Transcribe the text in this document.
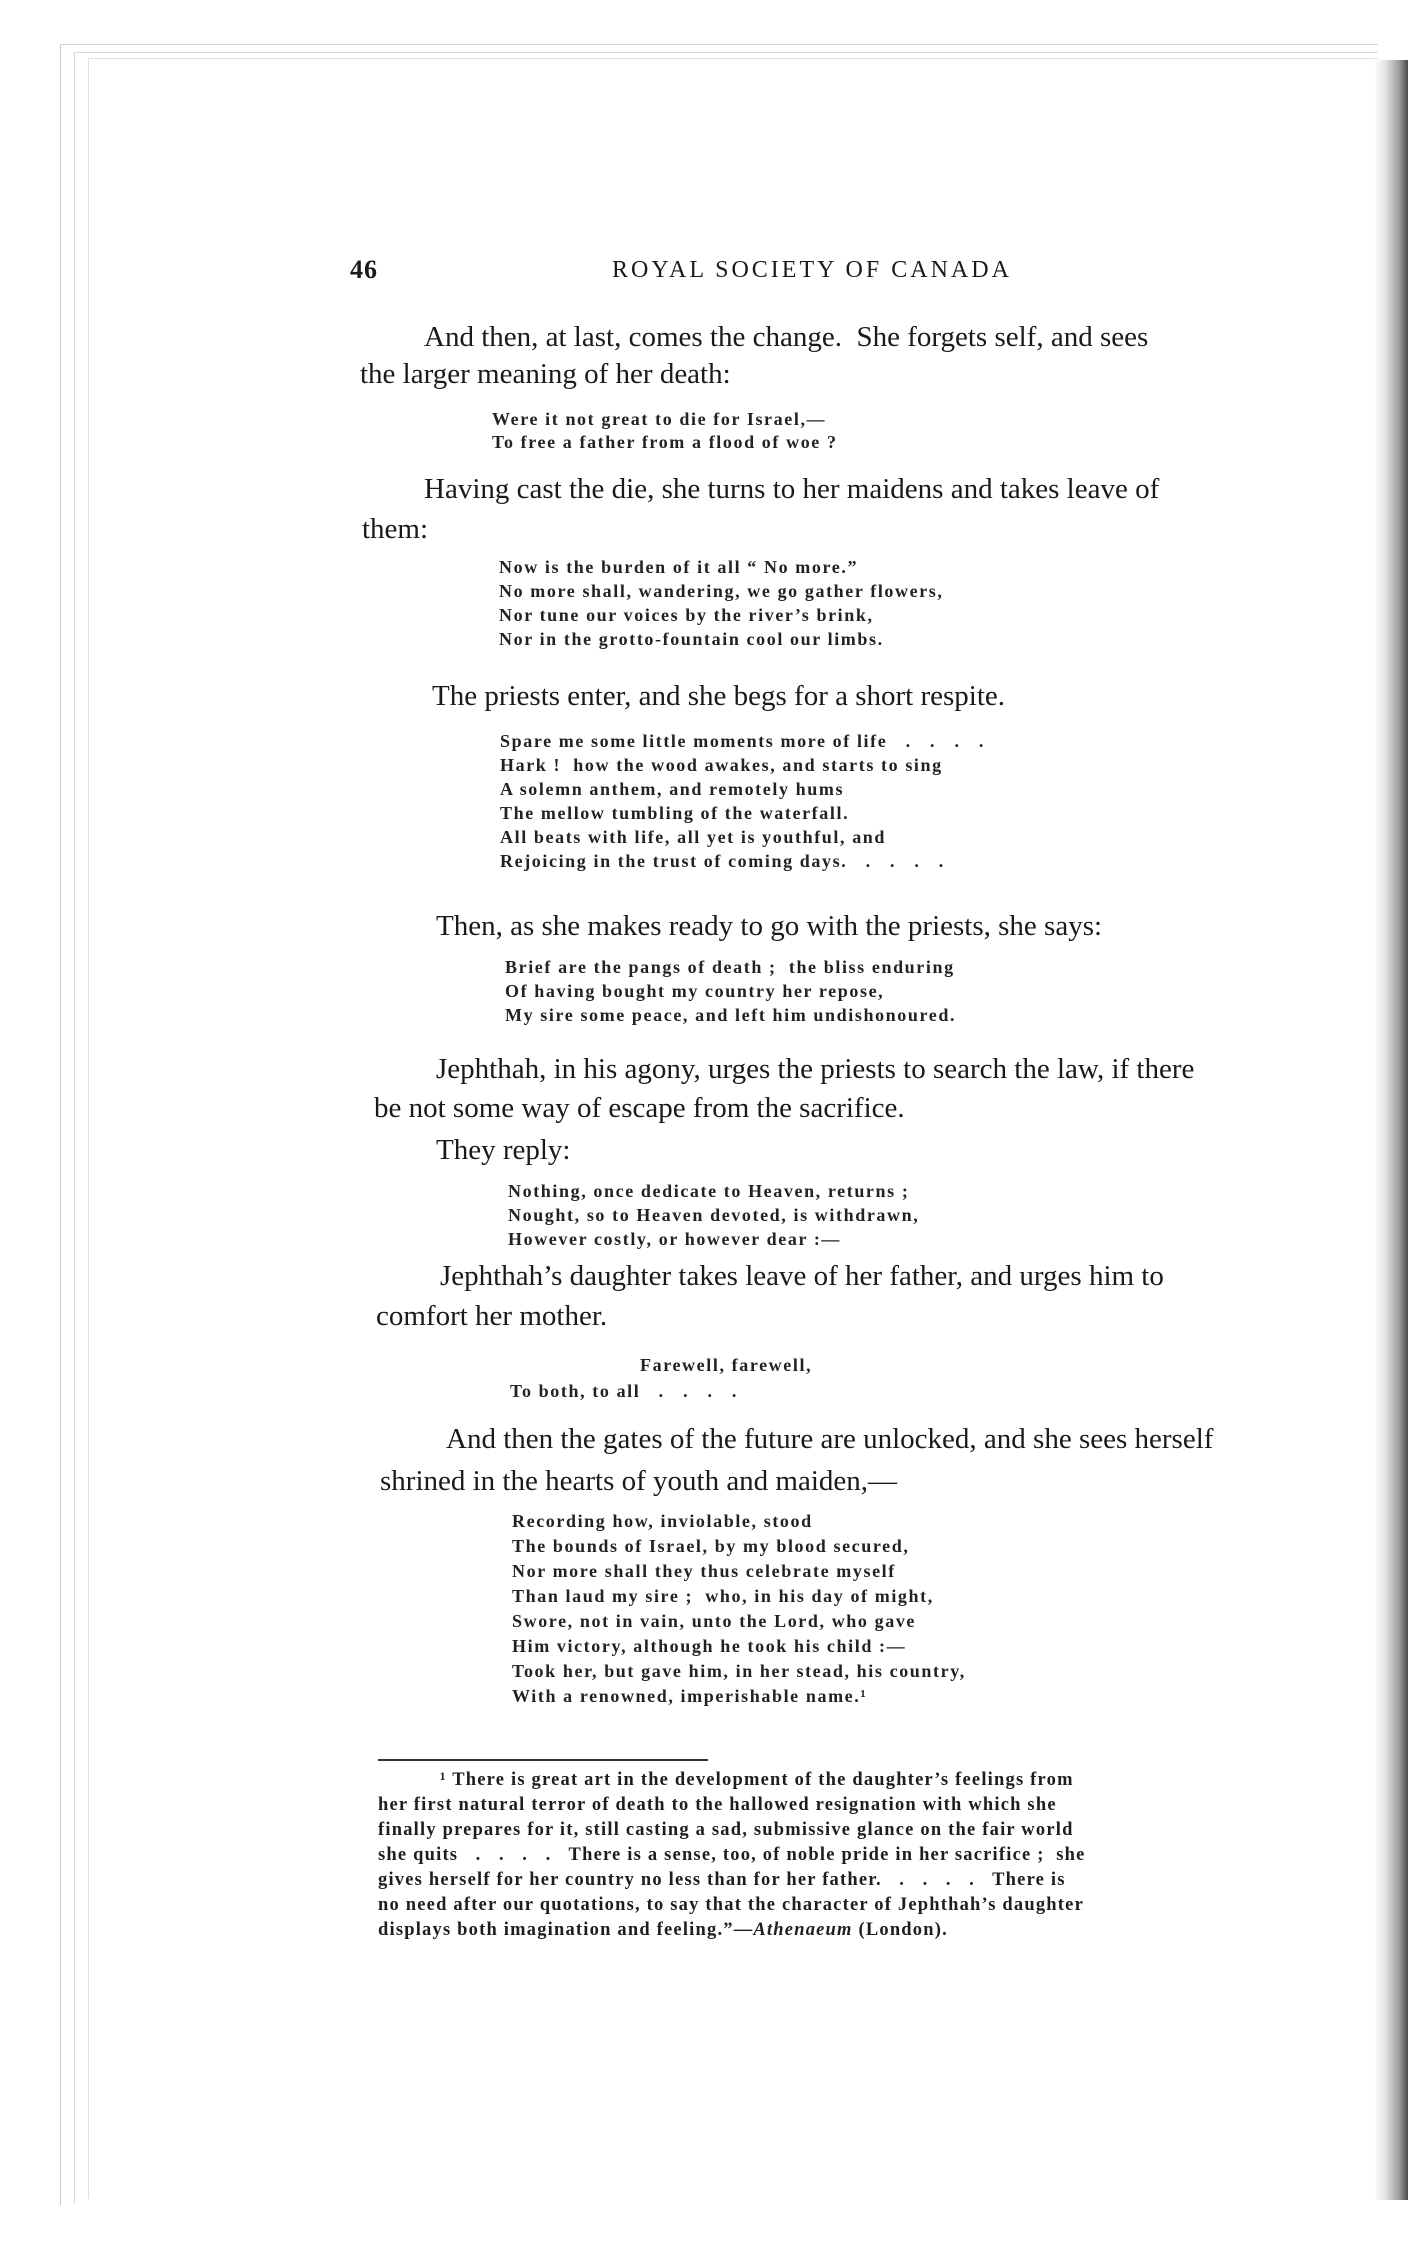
46	ROYAL SOCIETY OF CANADA
And then, at last, comes the change.  She forgets self, and sees
the larger meaning of her death:
Were it not great to die for Israel,—
To free a father from a flood of woe ?
Having cast the die, she turns to her maidens and takes leave of
them:
Now is the burden of it all “ No more.”
No more shall, wandering, we go gather flowers,
Nor tune our voices by the river’s brink,
Nor in the grotto-fountain cool our limbs.
The priests enter, and she begs for a short respite.
Spare me some little moments more of life   .   .   .   .
Hark !  how the wood awakes, and starts to sing
A solemn anthem, and remotely hums
The mellow tumbling of the waterfall.
All beats with life, all yet is youthful, and
Rejoicing in the trust of coming days.   .   .   .   .
Then, as she makes ready to go with the priests, she says:
Brief are the pangs of death ;  the bliss enduring
Of having bought my country her repose,
My sire some peace, and left him undishonoured.
Jephthah, in his agony, urges the priests to search the law, if there
be not some way of escape from the sacrifice.
They reply:
Nothing, once dedicate to Heaven, returns ;
Nought, so to Heaven devoted, is withdrawn,
However costly, or however dear :—
Jephthah’s daughter takes leave of her father, and urges him to
comfort her mother.
Farewell, farewell,
To both, to all   .   .   .   .
And then the gates of the future are unlocked, and she sees herself
shrined in the hearts of youth and maiden,—
Recording how, inviolable, stood
The bounds of Israel, by my blood secured,
Nor more shall they thus celebrate myself
Than laud my sire ;  who, in his day of might,
Swore, not in vain, unto the Lord, who gave
Him victory, although he took his child :—
Took her, but gave him, in her stead, his country,
With a renowned, imperishable name.¹
¹ There is great art in the development of the daughter’s feelings from
her first natural terror of death to the hallowed resignation with which she
finally prepares for it, still casting a sad, submissive glance on the fair world
she quits   .   .   .   .   There is a sense, too, of noble pride in her sacrifice ;  she
gives herself for her country no less than for her father.   .   .   .   .   There is
no need after our quotations, to say that the character of Jephthah’s daughter
displays both imagination and feeling.”—Athenaeum (London).
